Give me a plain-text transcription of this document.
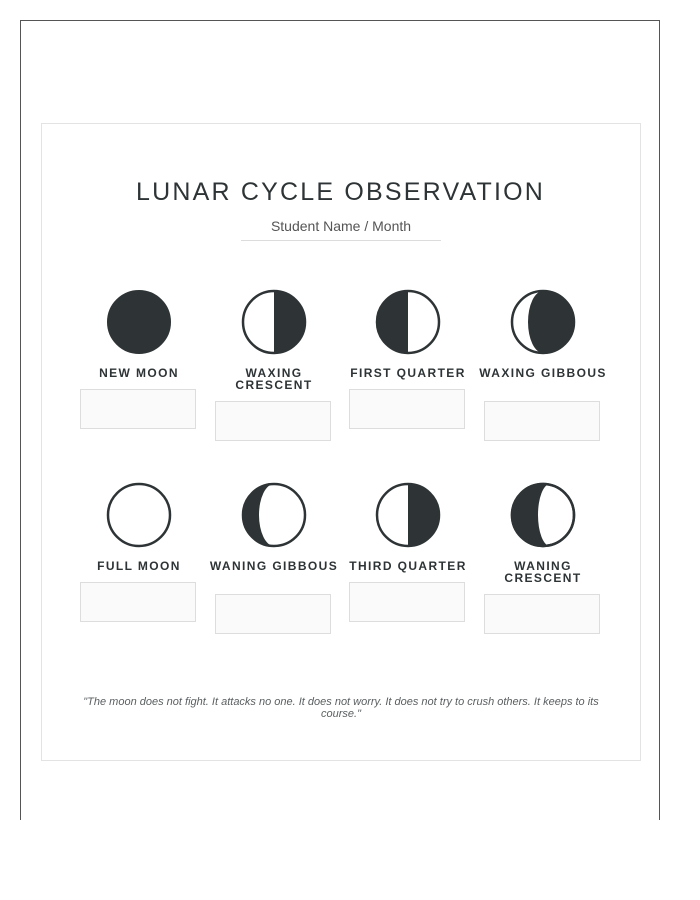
LUNAR CYCLE OBSERVATION
Student Name / Month
NEW MOON	WAXING CRESCENT
FIRST QUARTER	WAXING GIBBOUS
FULL MOON	WANING GIBBOUS THIRD QUARTER	WANING CRESCENT
"The moon does not fight. It attacks no one. It does not worry. It does not try to crush others. It keeps to its course."
